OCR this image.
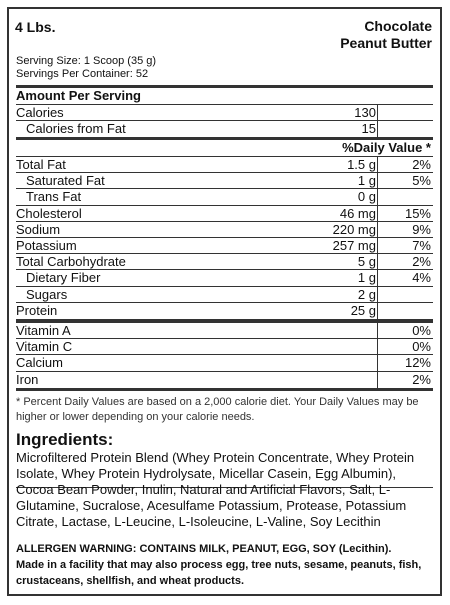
4 Lbs.	Chocolate
Peanut Butter
Serving Size: 1 Scoop (35 g)
Servings Per Container: 52
Amount Per Serving
Calories	130
Calories from Fat	15
%Daily Value *
Total Fat	1.5 g	2%
Saturated Fat	1 g	5%
Trans Fat	0 g
Cholesterol	46 mg 15%
Sodium	220 mg	9%
Potassium	257 mg	7%
Total Carbohydrate	5 g	2%
Dietary Fiber	1 g	4%
Sugars	2 g
Protein	25 g
Vitamin A	0%
Vitamin C	0%
Calcium	12%
Iron	2%
* Percent Daily Values are based on a 2,000 calorie diet. Your Daily Values may be higher or lower depending on your calorie needs.
Ingredients:
Microfiltered Protein Blend (Whey Protein Concentrate, Whey Protein Isolate, Whey Protein Hydrolysate, Micellar Casein, Egg Albumin), Cocoa Bean Powder, Inulin, Natural and Artificial Flavors, Salt, L-Glutamine, Sucralose, Acesulfame Potassium, Protease, Potassium Citrate, Lactase, L-Leucine, L-Isoleucine, L-Valine, Soy Lecithin
ALLERGEN WARNING: CONTAINS MILK, PEANUT, EGG, SOY (Lecithin).
Made in a facility that may also process egg, tree nuts, sesame, peanuts, fish, crustaceans, shellfish, and wheat products.
